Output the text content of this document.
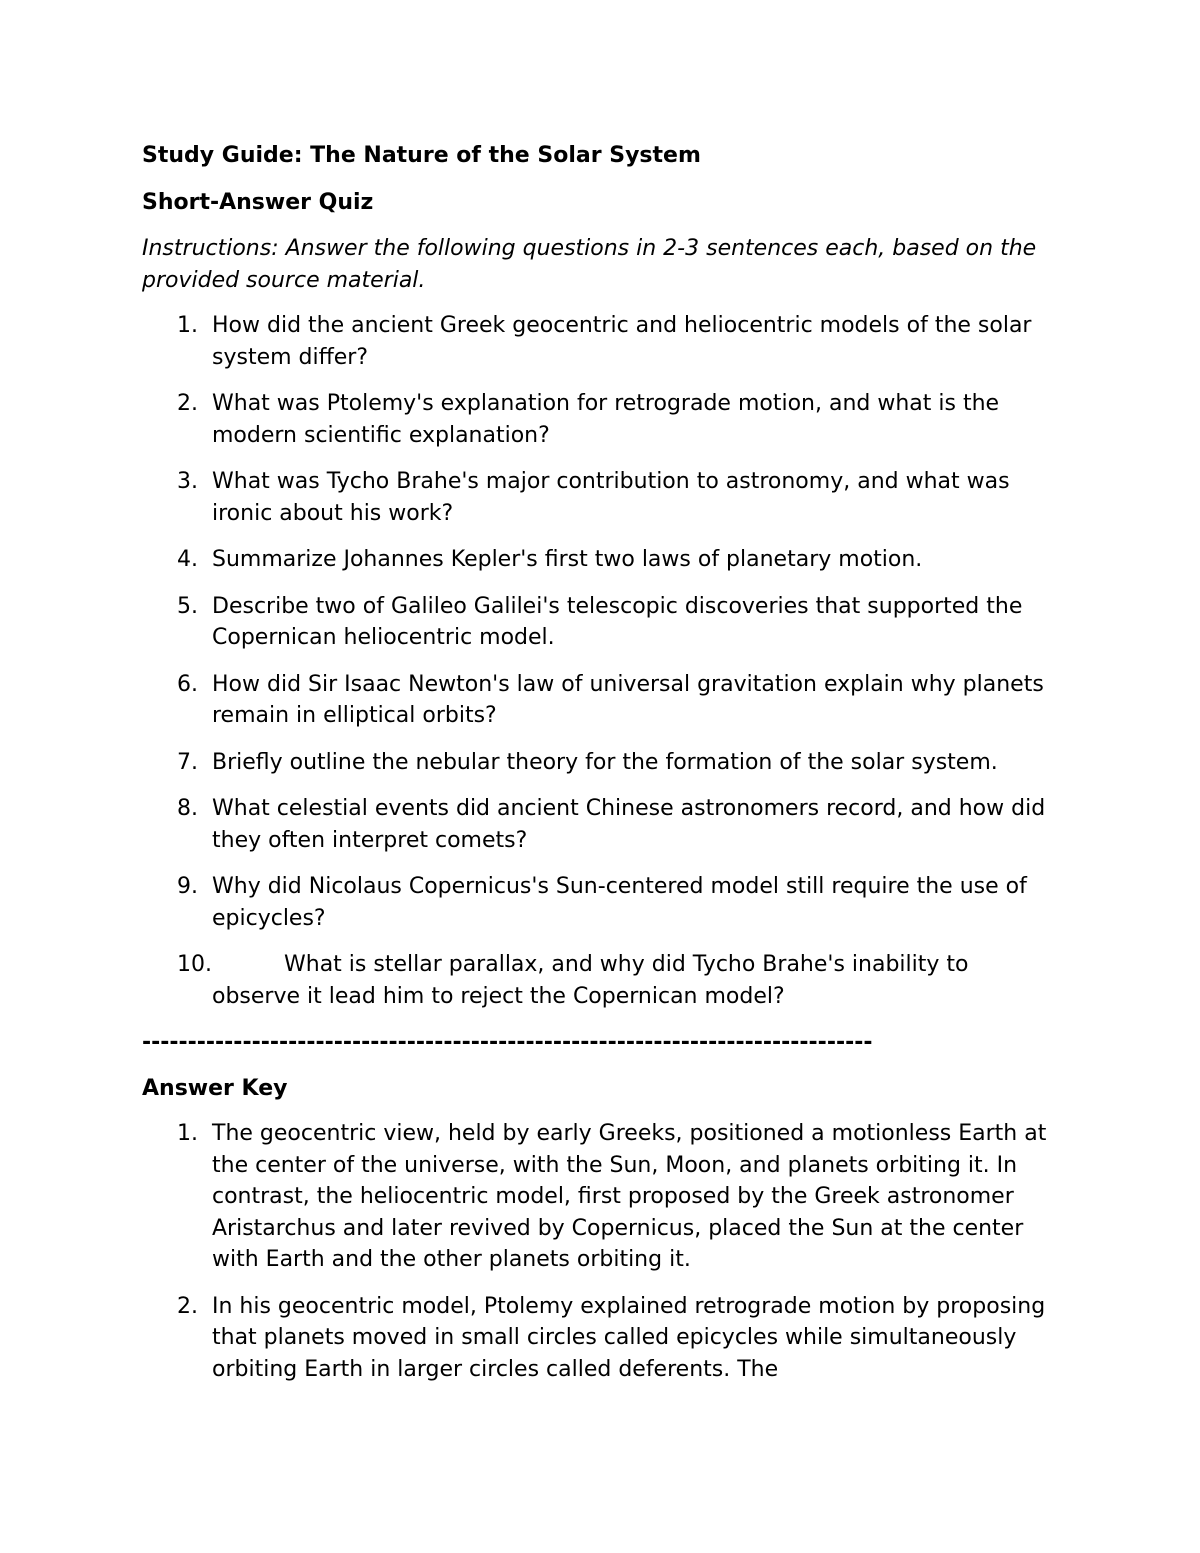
Study Guide: The Nature of the Solar System
Short-Answer Quiz
Instructions: Answer the following questions in 2-3 sentences each, based on the provided source material.
1. How did the ancient Greek geocentric and heliocentric models of the solar system differ?
2. What was Ptolemy's explanation for retrograde motion, and what is the modern scientific explanation?
3. What was Tycho Brahe's major contribution to astronomy, and what was ironic about his work?
4. Summarize Johannes Kepler's first two laws of planetary motion.
5. Describe two of Galileo Galilei's telescopic discoveries that supported the Copernican heliocentric model.
6. How did Sir Isaac Newton's law of universal gravitation explain why planets remain in elliptical orbits?
7. Briefly outline the nebular theory for the formation of the solar system.
8. What celestial events did ancient Chinese astronomers record, and how did they often interpret comets?
9. Why did Nicolaus Copernicus's Sun-centered model still require the use of epicycles?
10.	What is stellar parallax, and why did Tycho Brahe's inability to observe it lead him to reject the Copernican model?
--------------------------------------------------------------------------------
Answer Key
1. The geocentric view, held by early Greeks, positioned a motionless Earth at the center of the universe, with the Sun, Moon, and planets orbiting it. In contrast, the heliocentric model, first proposed by the Greek astronomer Aristarchus and later revived by Copernicus, placed the Sun at the center with Earth and the other planets orbiting it.
2. In his geocentric model, Ptolemy explained retrograde motion by proposing that planets moved in small circles called epicycles while simultaneously orbiting Earth in larger circles called deferents. The
